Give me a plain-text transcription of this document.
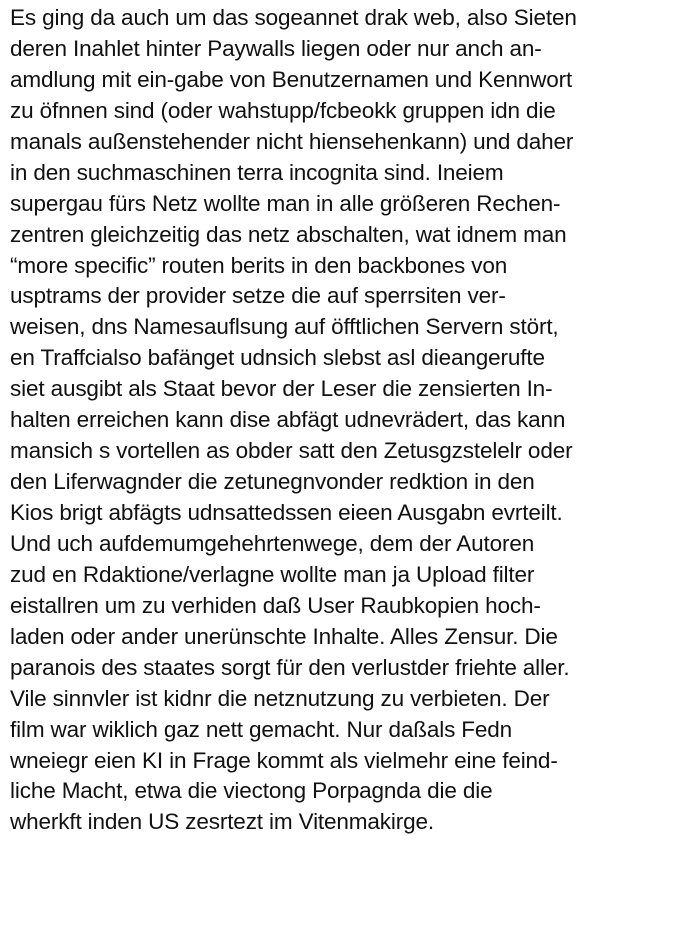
Es ging da auch um das sogeannet drak web, also Sieten
deren Inahlet hinter Paywalls liegen oder nur anch an-
amdlung mit ein-gabe von Benutzernamen und Kennwort
zu öfnnen sind (oder wahstupp/fcbeokk gruppen idn die
manals außenstehender nicht hiensehenkann) und daher
in den suchmaschinen terra incognita sind. Ineiem
supergau fürs Netz wollte man in alle größeren Rechen-
zentren gleichzeitig das netz abschalten, wat idnem man
“more specific” routen berits in den backbones von
usptrams der provider setze die auf sperrsiten ver-
weisen, dns Namesauflsung auf öfftlichen Servern stört,
en Traffcialso bafänget udnsich slebst asl dieangerufte
siet ausgibt als Staat bevor der Leser die zensierten In-
halten erreichen kann dise abfägt udnevrädert, das kann
mansich s vortellen as obder satt den Zetusgzstelelr oder
den Liferwagnder die zetunegnvonder redktion in den
Kios brigt abfägts udnsattedssen eieen Ausgabn evrteilt.
Und uch aufdemumgehehrtenwege, dem der Autoren
zud en Rdaktione/verlagne wollte man ja Upload filter
eistallren um zu verhiden daß User Raubkopien hoch-
laden oder ander unerünschte Inhalte. Alles Zensur. Die
paranois des staates sorgt für den verlustder friehte aller.
Vile sinnvler ist kidnr die netznutzung zu verbieten. Der
film war wiklich gaz nett gemacht. Nur daßals Fedn
wneiegr eien KI in Frage kommt als vielmehr eine feind-
liche Macht, etwa die viectong Porpagnda die die
wherkft inden US zesrtezt im Vitenmakirge.
